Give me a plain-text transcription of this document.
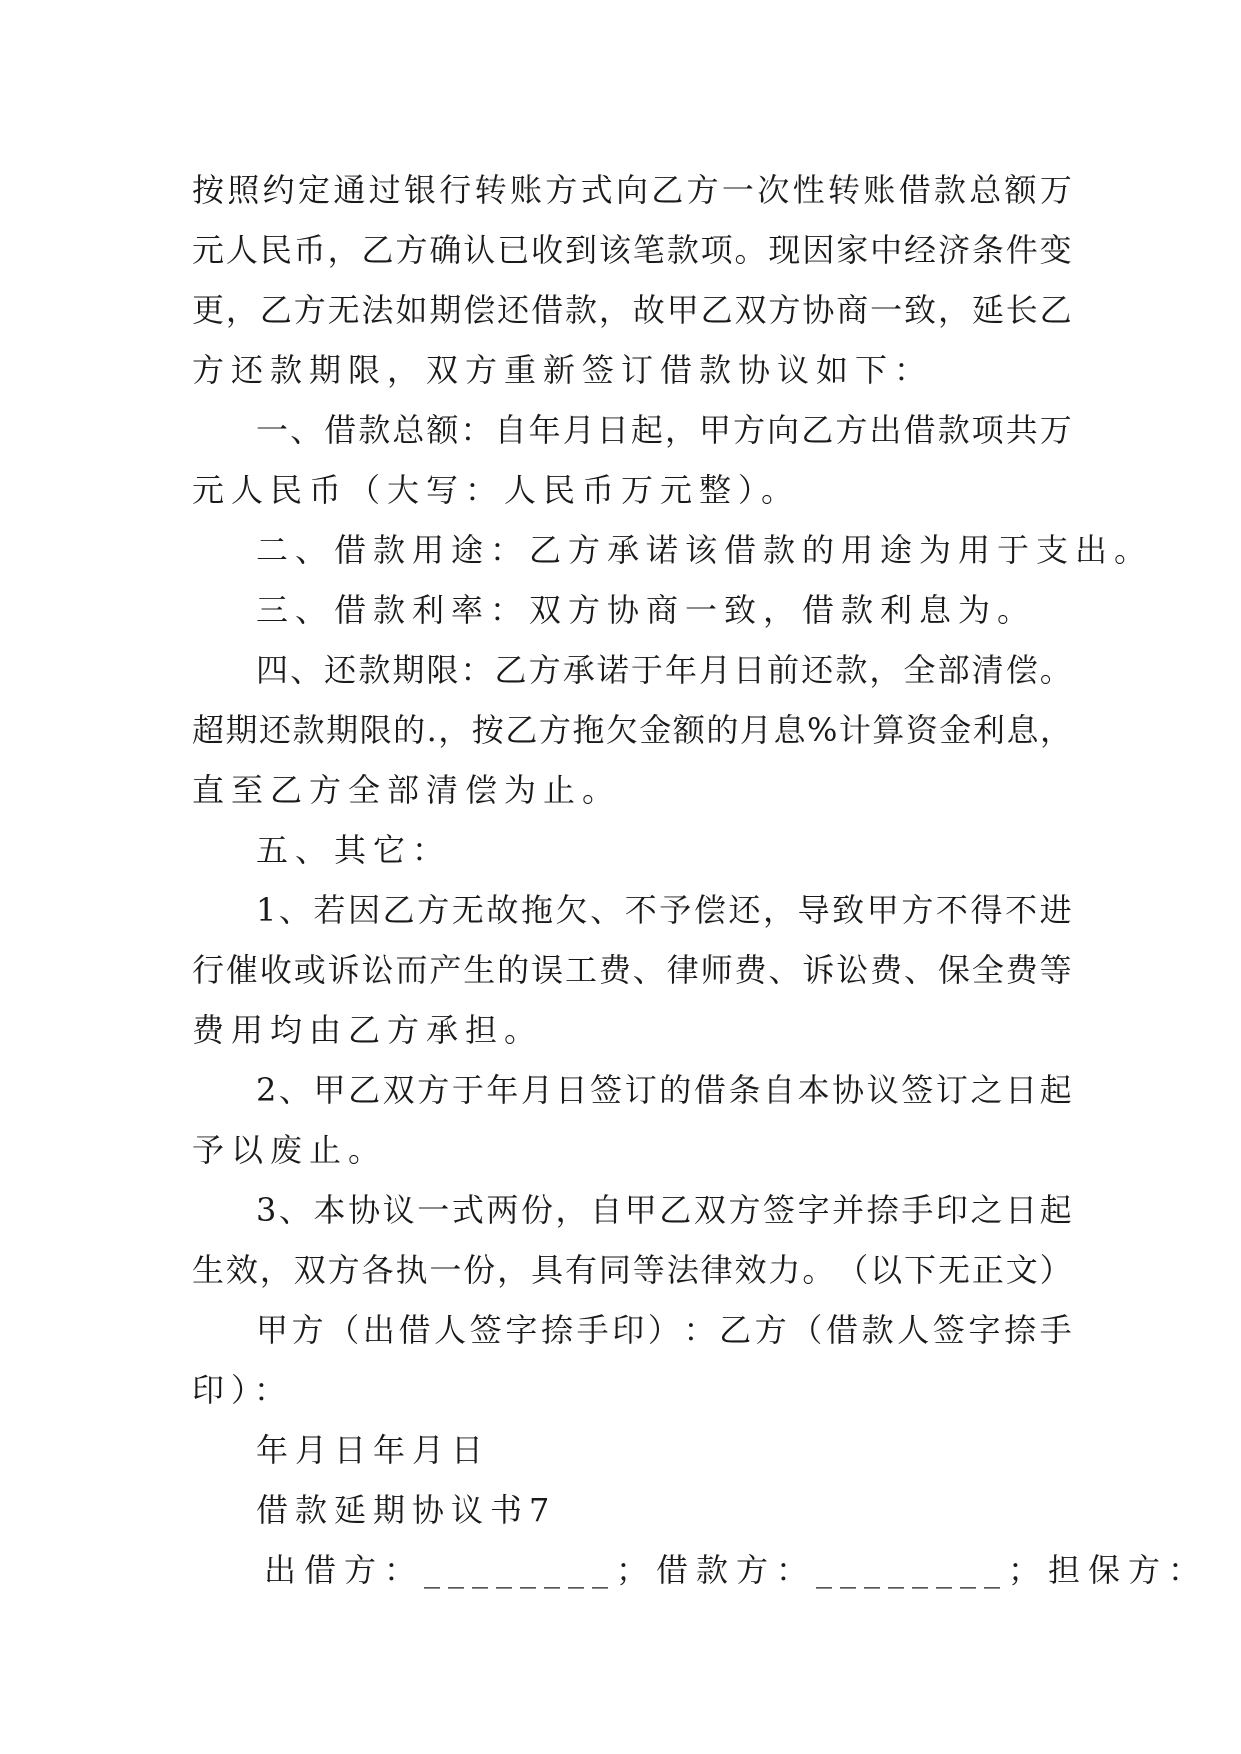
按 照 约 定 通 过 银 行 转 账 方 式 向 乙 方 一 次 性 转 账 借 款 总 额 万
元 人 民 币 ， 乙 方 确 认 已 收 到 该 笔 款 项 。 现 因 家 中 经 济 条 件 变
更 ， 乙 方 无 法 如 期 偿 还 借 款 ， 故 甲 乙 双 方 协 商 一 致 ， 延 长 乙
方还款期限，双方重新签订借款协议如下：
一 、 借 款 总 额 ： 自 年 月 日 起 ， 甲 方 向 乙 方 出 借 款 项 共 万
元人民币（大写：人民币万元整）。
二、借款用途：乙方承诺该借款的用途为用于支出。
三、借款利率：双方协商一致，借款利息为。
四 、 还 款 期 限 ： 乙 方 承 诺 于 年 月 日 前 还 款 ， 全 部 清 偿 。
超 期 还 款 期 限 的 . ， 按 乙 方 拖 欠 金 额 的 月 息 % 计 算 资 金 利 息 ，
直至乙方全部清偿为止。
五、其它：
1 、 若 因 乙 方 无 故 拖 欠 、 不 予 偿 还 ， 导 致 甲 方 不 得 不 进
行 催 收 或 诉 讼 而 产 生 的 误 工 费 、 律 师 费 、 诉 讼 费 、 保 全 费 等
费用均由乙方承担。
2 、 甲 乙 双 方 于 年 月 日 签 订 的 借 条 自 本 协 议 签 订 之 日 起
予以废止。
3 、 本 协 议 一 式 两 份 ， 自 甲 乙 双 方 签 字 并 捺 手 印 之 日 起
生 效 ， 双 方 各 执 一 份 ， 具 有 同 等 法 律 效 力 。 （ 以 下 无 正 文 ）
甲 方 （ 出 借 人 签 字 捺 手 印 ） ： 乙 方 （ 借 款 人 签 字 捺 手
印）：
年月日年月日
借款延期协议书7
出借方：________；借款方：________；担保方：
